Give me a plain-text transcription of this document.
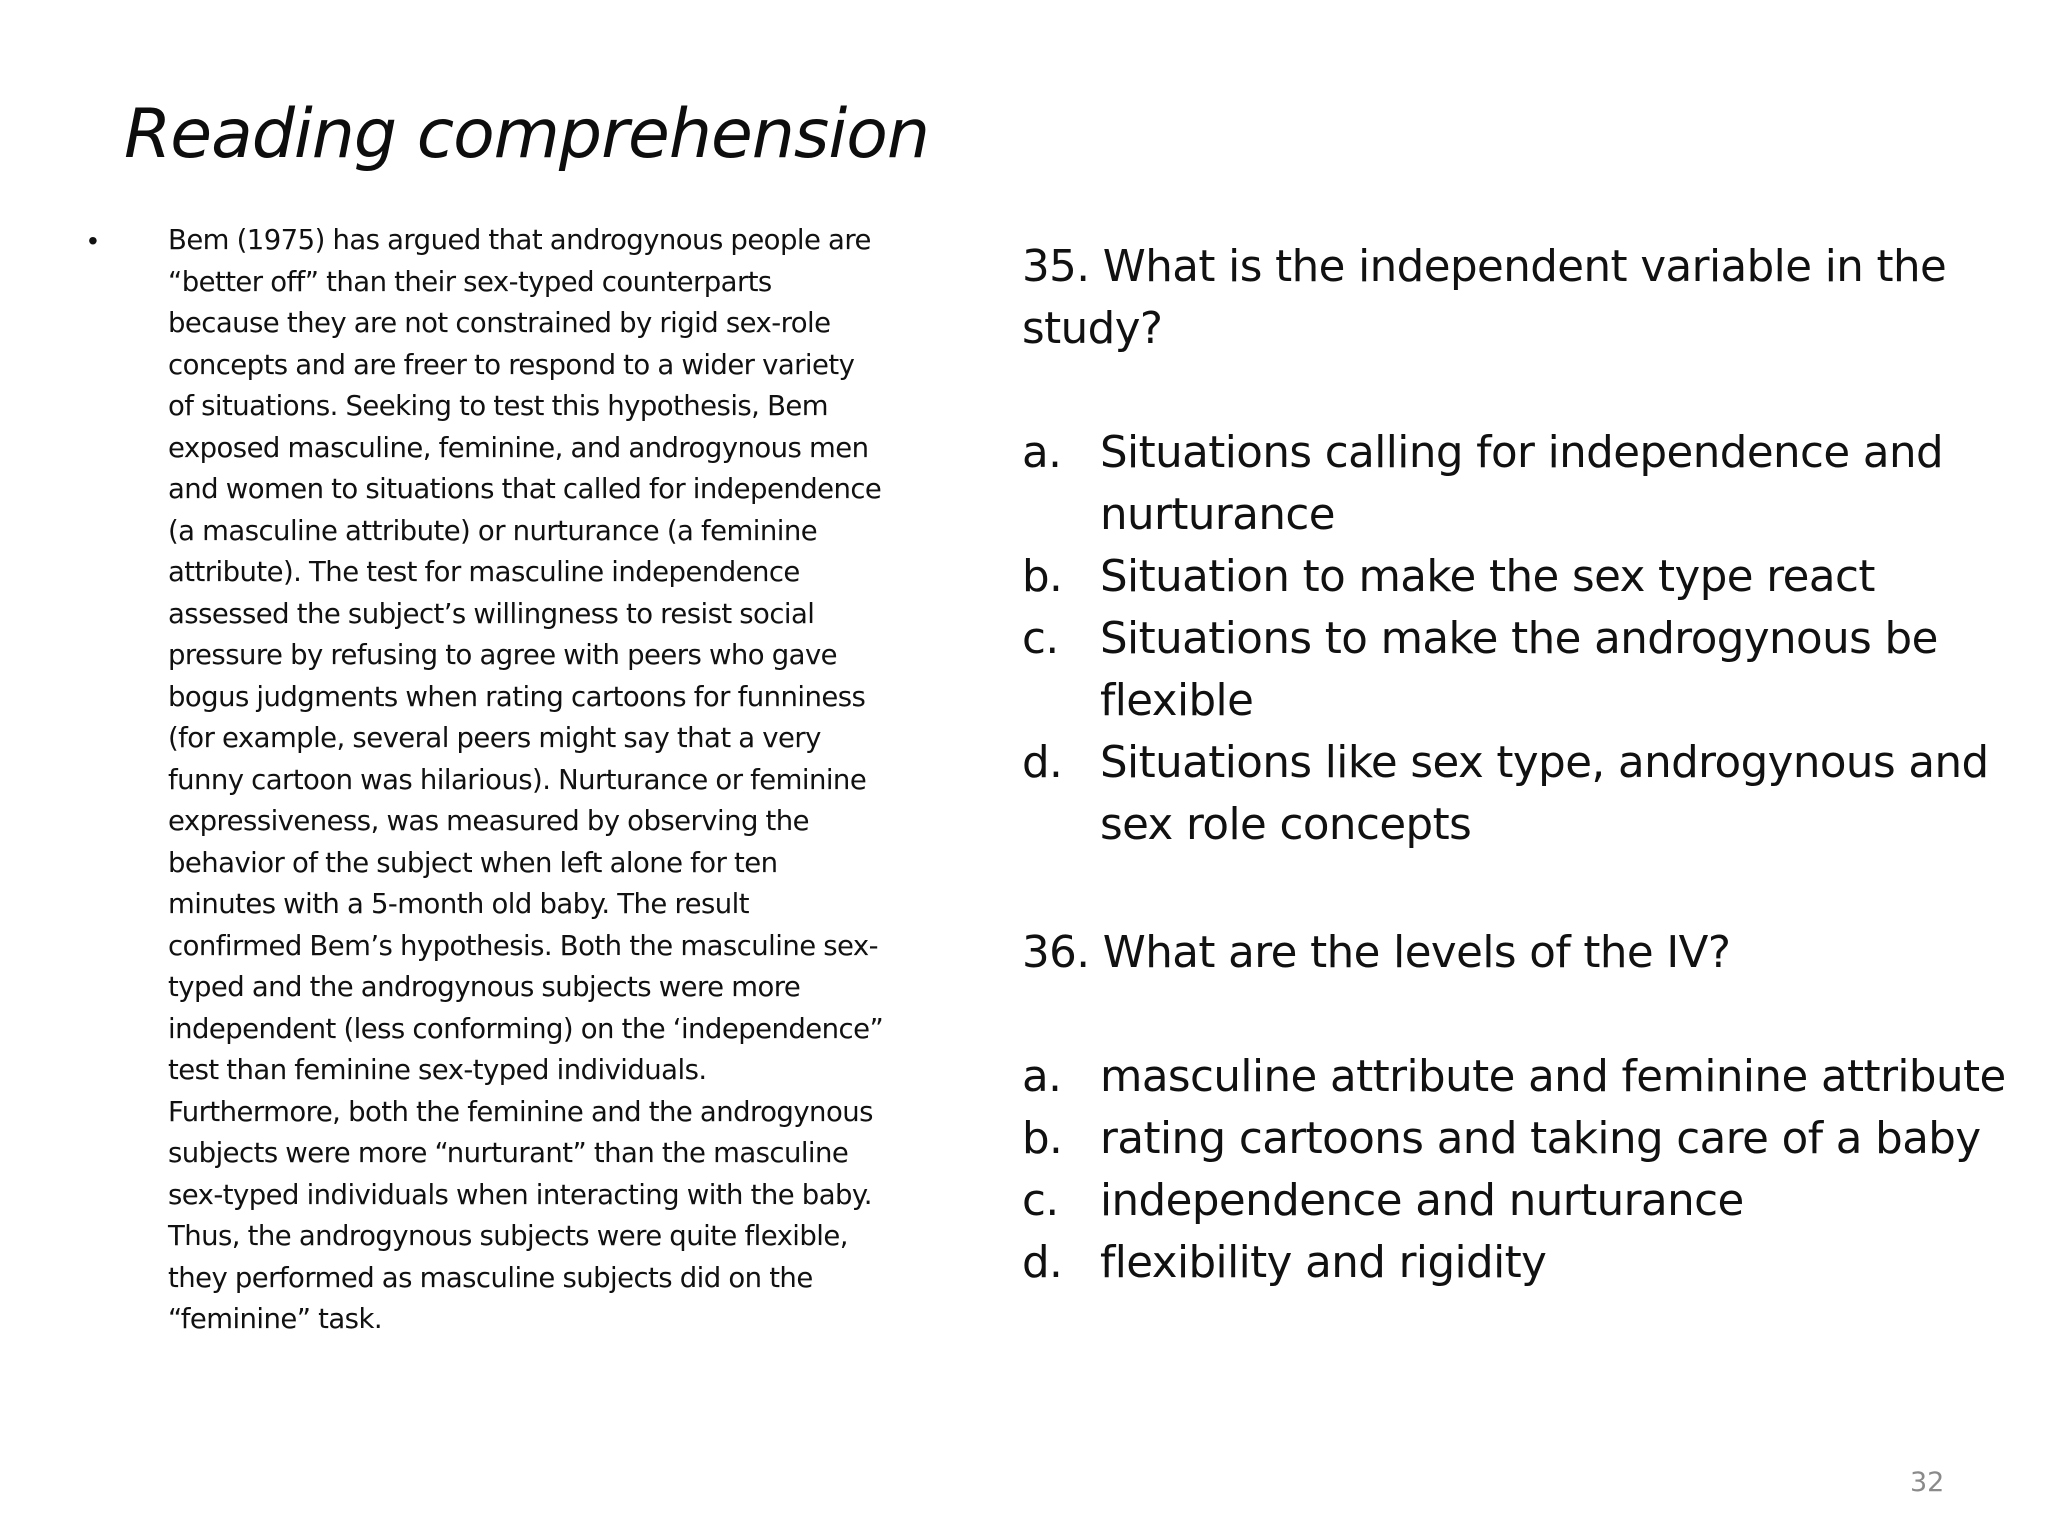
Reading comprehension
•	Bem (1975) has argued that androgynous people are
“better off” than their sex-typed counterparts
because they are not constrained by rigid sex-role
concepts and are freer to respond to a wider variety
of situations. Seeking to test this hypothesis, Bem
exposed masculine, feminine, and androgynous men
and women to situations that called for independence
(a masculine attribute) or nurturance (a feminine
attribute). The test for masculine independence
assessed the subject’s willingness to resist social
pressure by refusing to agree with peers who gave
bogus judgments when rating cartoons for funniness
(for example, several peers might say that a very
funny cartoon was hilarious). Nurturance or feminine
expressiveness, was measured by observing the
behavior of the subject when left alone for ten
minutes with a 5-month old baby. The result
confirmed Bem’s hypothesis. Both the masculine sex-
typed and the androgynous subjects were more
independent (less conforming) on the ‘independence”
test than feminine sex-typed individuals.
Furthermore, both the feminine and the androgynous
subjects were more “nurturant” than the masculine
sex-typed individuals when interacting with the baby.
Thus, the androgynous subjects were quite flexible,
they performed as masculine subjects did on the
“feminine” task.
35. What is the independent variable in the
study?
a. Situations calling for independence and
nurturance
b. Situation to make the sex type react
c. Situations to make the androgynous be
flexible
d. Situations like sex type, androgynous and
sex role concepts
36. What are the levels of the IV?
a. masculine attribute and feminine attribute
b. rating cartoons and taking care of a baby
c. independence and nurturance
d. flexibility and rigidity
32
